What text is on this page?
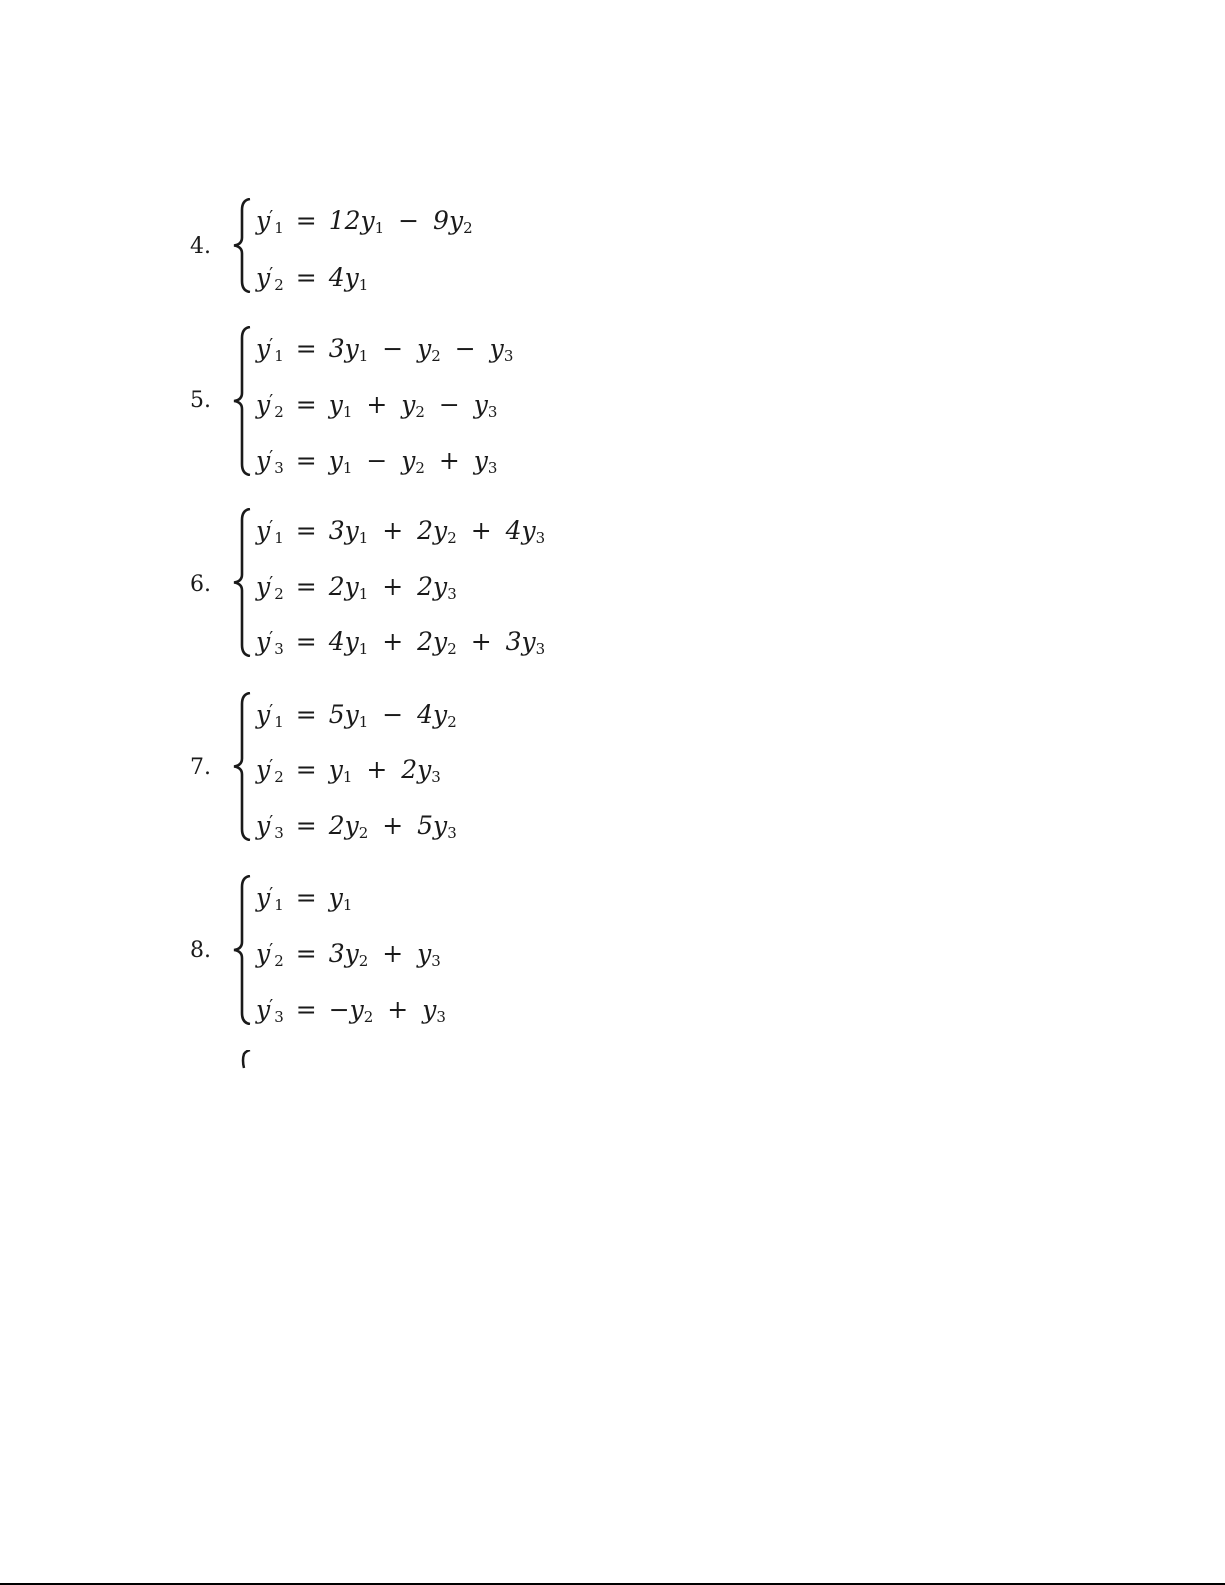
4.
$y'_1 = 12y_1 - 9y_2$
$y'_2 = 4y_1$
5.
$y'_1 = 3y_1 - y_2 - y_3$
$y'_2 = y_1 + y_2 - y_3$
$y'_3 = y_1 - y_2 + y_3$
6.
$y'_1 = 3y_1 + 2y_2 + 4y_3$
$y'_2 = 2y_1 + 2y_3$
$y'_3 = 4y_1 + 2y_2 + 3y_3$
7.
$y'_1 = 5y_1 - 4y_2$
$y'_2 = y_1 + 2y_3$
$y'_3 = 2y_2 + 5y_3$
8.
$y'_1 = y_1$
$y'_2 = 3y_2 + y_3$
$y'_3 = -y_2 + y_3$
